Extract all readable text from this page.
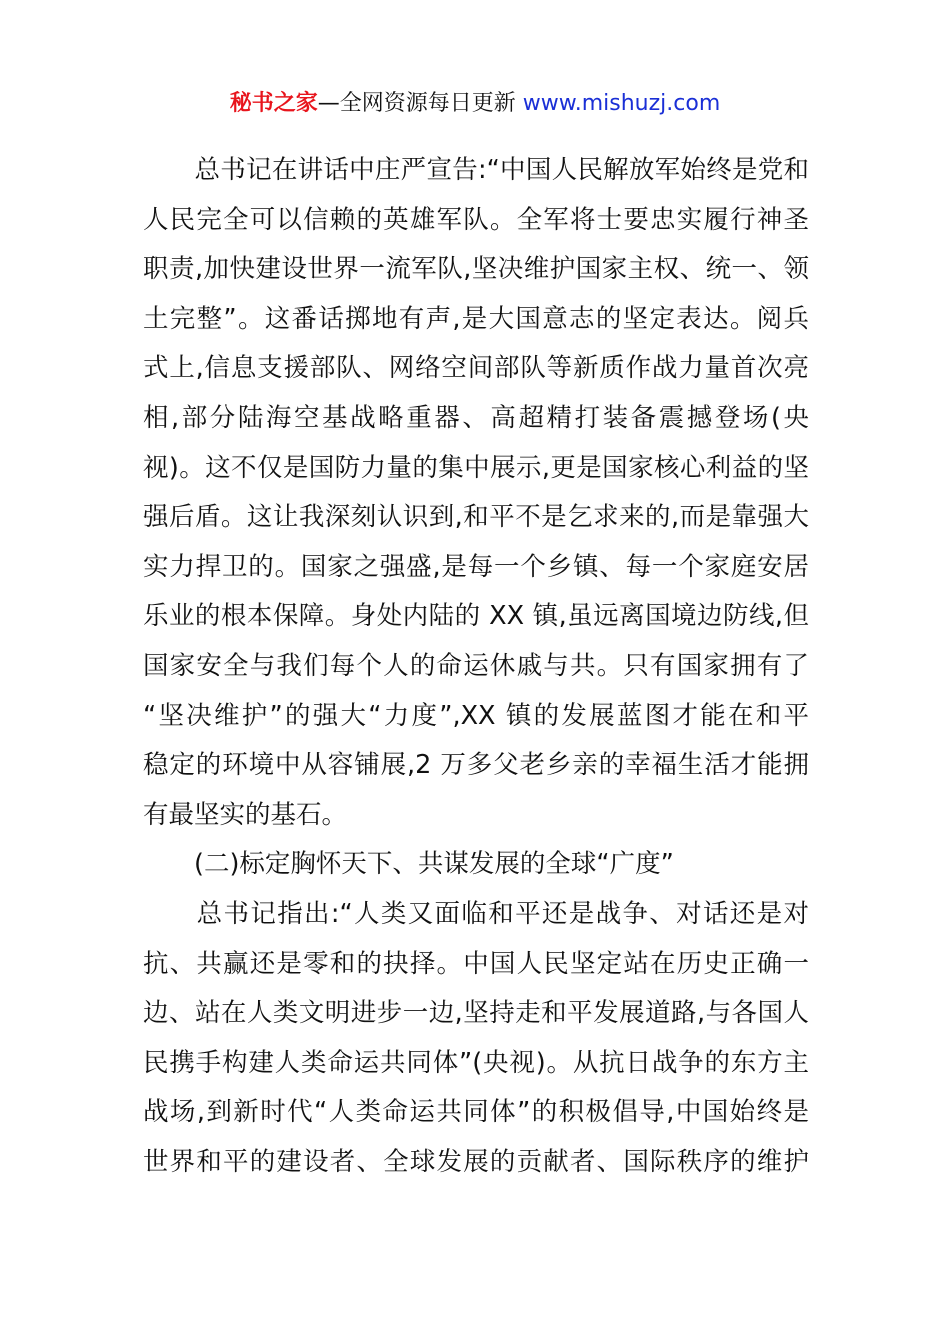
秘书之家—全网资源每日更新 www.mishuzj.com
　　总书记在讲话中庄严宣告:“中国人民解放军始终是党和
人民完全可以信赖的英雄军队。全军将士要忠实履行神圣
职责,加快建设世界一流军队,坚决维护国家主权、统一、领
土完整”。这番话掷地有声,是大国意志的坚定表达。阅兵
式上,信息支援部队、网络空间部队等新质作战力量首次亮
相,部分陆海空基战略重器、高超精打装备震撼登场(央
视)。这不仅是国防力量的集中展示,更是国家核心利益的坚
强后盾。这让我深刻认识到,和平不是乞求来的,而是靠强大
实力捍卫的。国家之强盛,是每一个乡镇、每一个家庭安居
乐业的根本保障。身处内陆的 XX 镇,虽远离国境边防线,但
国家安全与我们每个人的命运休戚与共。只有国家拥有了
“坚决维护”的强大“力度”,XX 镇的发展蓝图才能在和平
稳定的环境中从容铺展,2 万多父老乡亲的幸福生活才能拥
有最坚实的基石。
　　(二)标定胸怀天下、共谋发展的全球“广度”
　　总书记指出:“人类又面临和平还是战争、对话还是对
抗、共赢还是零和的抉择。中国人民坚定站在历史正确一
边、站在人类文明进步一边,坚持走和平发展道路,与各国人
民携手构建人类命运共同体”(央视)。从抗日战争的东方主
战场,到新时代“人类命运共同体”的积极倡导,中国始终是
世界和平的建设者、全球发展的贡献者、国际秩序的维护
